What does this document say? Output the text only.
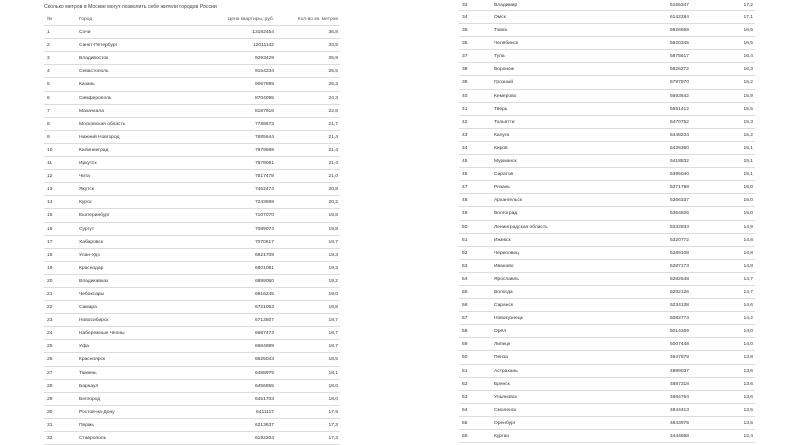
Сколько метров в Москве могут позволить себе жители городов России
№	Город	Цена квартиры, руб.	Кол-во кв. метров
1	Сочи	13192454	36,8
2	Санкт-Петербург	12011142	33,5
3	Владивосток	9293429	25,9
4	Севастополь	9154234	25,5
5	Казань	9067899	25,3
6	Симферополь	8704095	24,3
7	Махачкала	8187916	22,8
8	Московская область	7789673	21,7
9	Нижний Новгород	7685644	21,4
10	Калининград	7679589	21,4
11	Иркутск	7678081	21,4
12	Чита	7517478	21,0
13	Якутск	7462474	20,8
14	Курск	7243699	20,2
15	Екатеринбург	7107070	19,8
16	Сургут	7089074	19,8
17	Хабаровск	7070617	19,7
18	Улан-Удэ	6921709	19,3
19	Краснодар	6901081	19,3
20	Владикавказ	6899050	19,2
21	Чебоксары	6816245	19,0
22	Самара	6721053	18,8
23	Новосибирск	6713507	18,7
24	Набережные Челны	6687473	18,7
25	Уфа	6684889	18,7
26	Красноярск	6625043	18,5
27	Тюмень	6488975	18,1
28	Барнаул	6456855	18,0
29	Белгород	6451703	18,0
30	Ростов-на-Дону	6411117	17,9
31	Пермь	6213637	17,3
32	Ставрополь	6192204	17,3
33	Владимир	6155347	17,2
34	Омск	6142284	17,1
35	Томск	5926659	16,5
36	Челябинск	5920345	16,5
37	Тула	5875617	16,4
38	Воронеж	5826272	16,3
39	Грозный	5797970	16,2
40	Кемерово	5693642	15,9
41	Тверь	5551412	15,5
42	Тольятти	5470752	15,3
43	Калуга	5448234	15,2
44	Киров	5426360	15,1
45	Мурманск	5418832	15,1
46	Саратов	5395040	15,1
47	Рязань	5371798	15,0
48	Архангельск	5366337	15,0
49	Волгоград	5364826	15,0
50	Ленинградская область	5332833	14,9
51	Ижевск	5320772	14,8
52	Череповец	5289108	14,8
53	Иваново	5287173	14,8
54	Ярославль	5282548	14,7
55	Вологда	5252126	14,7
56	Саранск	5234138	14,6
57	Новокузнецк	5082774	14,2
58	Орёл	5014269	14,0
59	Липецк	5007448	14,0
60	Пенза	4947878	13,8
61	Астрахань	4889037	13,6
62	Брянск	4887318	13,6
63	Ульяновск	4884764	13,6
64	Смоленск	4844413	13,5
65	Оренбург	4843975	13,5
66	Курган	4444658	12,4
